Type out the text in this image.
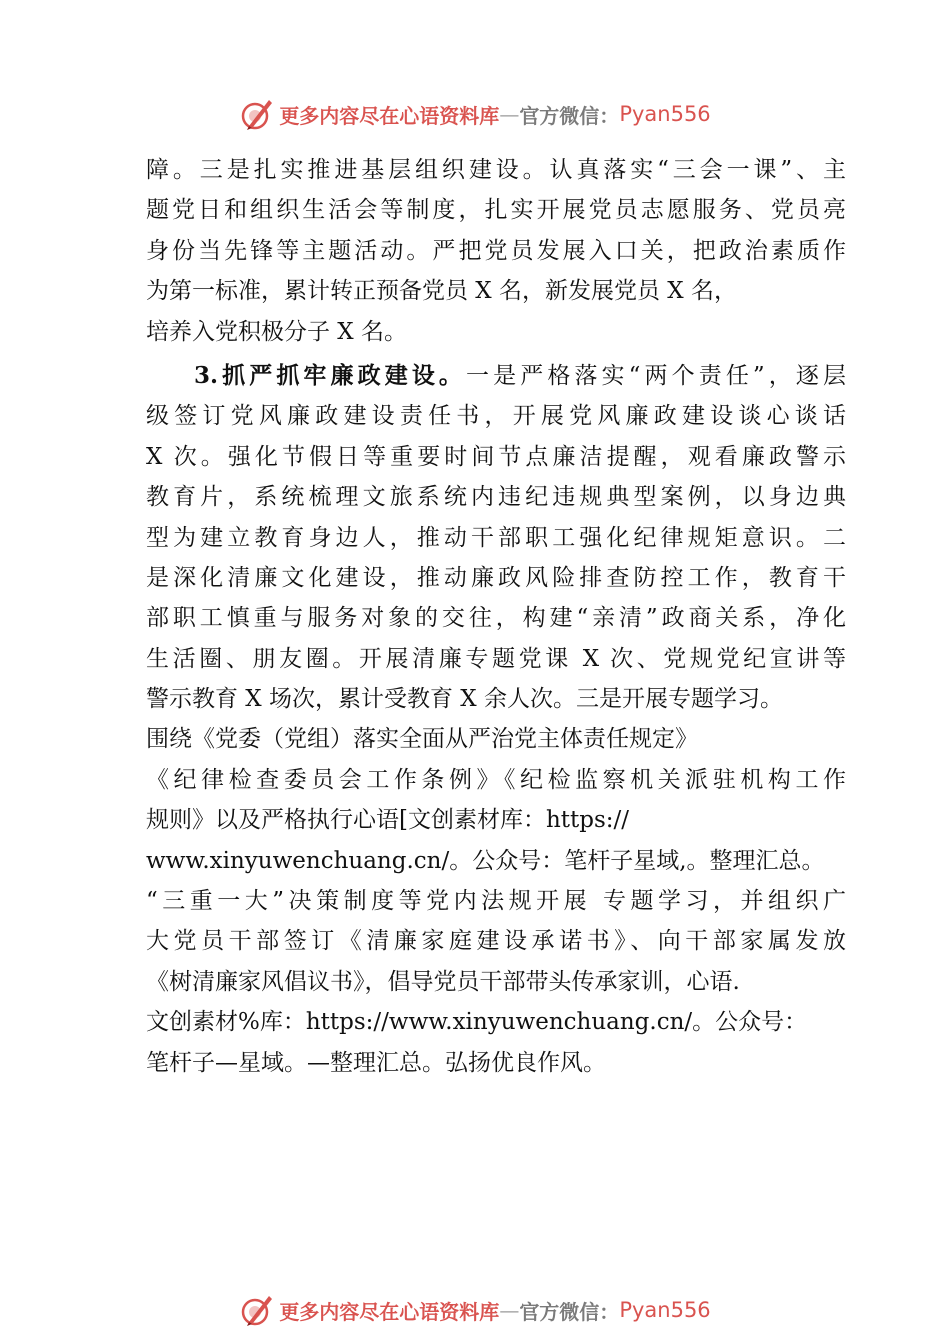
更多内容尽在心语资料库 — 官方微信： Pyan556
障。三是扎实推进基层组织建设。认真落实“三会一课”、主
题党日和组织生活会等制度，扎实开展党员志愿服务、党员亮
身份当先锋等主题活动。严把党员发展入口关，把政治素质作
为第一标准，累计转正预备党员 X 名，新发展党员 X 名，
培养入党积极分子 X 名。
3.抓严抓牢廉政建设。一是严格落实“两个责任”，逐层
级签订党风廉政建设责任书，开展党风廉政建设谈心谈话
X 次。强化节假日等重要时间节点廉洁提醒，观看廉政警示
教育片，系统梳理文旅系统内违纪违规典型案例，以身边典
型为建立教育身边人，推动干部职工强化纪律规矩意识。二
是深化清廉文化建设，推动廉政风险排查防控工作，教育干
部职工慎重与服务对象的交往，构建“亲清”政商关系，净化
生活圈、朋友圈。开展清廉专题党课 X 次、党规党纪宣讲等
警示教育 X 场次，累计受教育 X 余人次。三是开展专题学习。
围绕《党委（党组）落实全面从严治党主体责任规定》
《纪律检查委员会工作条例》《纪检监察机关派驻机构工作
规则》以及严格执行心语[文创素材库：https://
www.xinyuwenchuang.cn/。公众号：笔杆子星域,。整理汇总。
“三重一大”决策制度等党内法规开展 专题学习，并组织广
大党员干部签订《清廉家庭建设承诺书》、向干部家属发放
《树清廉家风倡议书》，倡导党员干部带头传承家训，心语.
文创素材%库：https://www.xinyuwenchuang.cn/。公众号：
笔杆子—星域。—整理汇总。弘扬优良作风。
更多内容尽在心语资料库 — 官方微信： Pyan556
